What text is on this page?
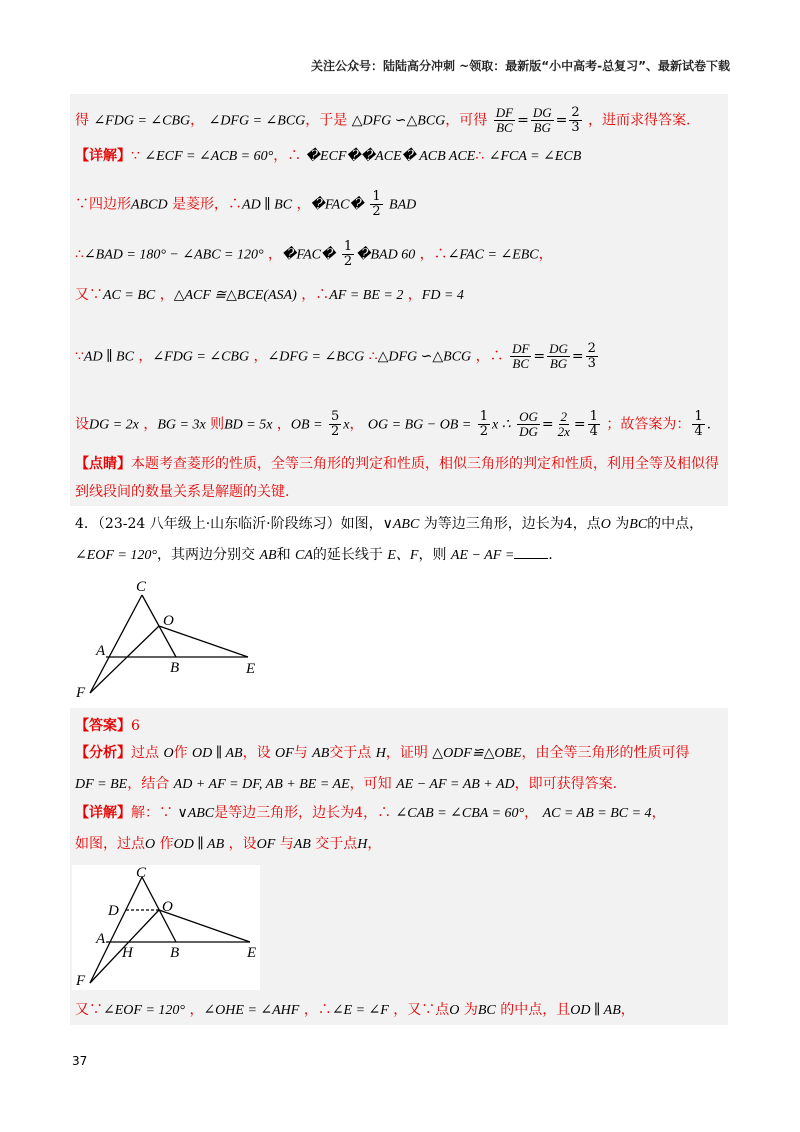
关注公众号：陆陆高分冲刺 ~领取：最新版“小中高考-总复习”、最新试卷下载
得 ∠FDG = ∠CBG， ∠DFG = ∠BCG，于是 △DFG ∽△BCG，可得 $\frac{DF}{BC} = \frac{DG}{BG} = \frac{2}{3}$ ，进而求得答案.
【详解】∵ ∠ECF = ∠ACB = 60°，∴ �ECF��ACE� ACB ACE∴ ∠FCA = ∠ECB
∵四边形ABCD 是菱形，∴AD ∥ BC ，�FAC� $\frac{1}{2}$ BAD
∴∠BAD = 180° − ∠ABC = 120° ，�FAC� $\frac{1}{2}$ �BAD 60 ，∴∠FAC = ∠EBC，
又∵AC = BC ，△ACF ≅△BCE(ASA) ，∴AF = BE = 2 ，FD = 4
∵AD ∥ BC ，∠FDG = ∠CBG ，∠DFG = ∠BCG ∴△DFG ∽△BCG ，∴ $\frac{DF}{BC} = \frac{DG}{BG} = \frac{2}{3}$
设DG = 2x ，BG = 3x 则BD = 5x ，OB = $\frac{5}{2}$ x， OG = BG − OB = $\frac{1}{2}$ x ∴ $\frac{OG}{DG} = \frac{2}{2x} = \frac{1}{4}$ ；故答案为： $\frac{1}{4}$ .
【点睛】本题考查菱形的性质，全等三角形的判定和性质，相似三角形的判定和性质，利用全等及相似得
到线段间的数量关系是解题的关键.
4．（23-24 八年级上·山东临沂·阶段练习）如图，∨ABC 为等边三角形，边长为4，点O 为BC的中点，
∠EOF = 120°，其两边分别交 AB和 CA的延长线于 E、F，则 AE − AF = .
C
O
A
B	E
F
【答案】6
【分析】过点 O作 OD ∥ AB，设 OF与 AB交于点 H，证明 △ODF≌△OBE，由全等三角形的性质可得
DF = BE，结合 AD + AF = DF, AB + BE = AE，可知 AE − AF = AB + AD，即可获得答案.
【详解】解：∵ ∨ABC是等边三角形，边长为4，∴ ∠CAB = ∠CBA = 60°， AC = AB = BC = 4，
如图，过点O 作OD ∥ AB ，设OF 与AB 交于点H，
C
D	O
A
H B	E
F
又∵∠EOF = 120° ，∠OHE = ∠AHF ，∴∠E = ∠F ，又∵点O 为BC 的中点，且OD ∥ AB，
37
